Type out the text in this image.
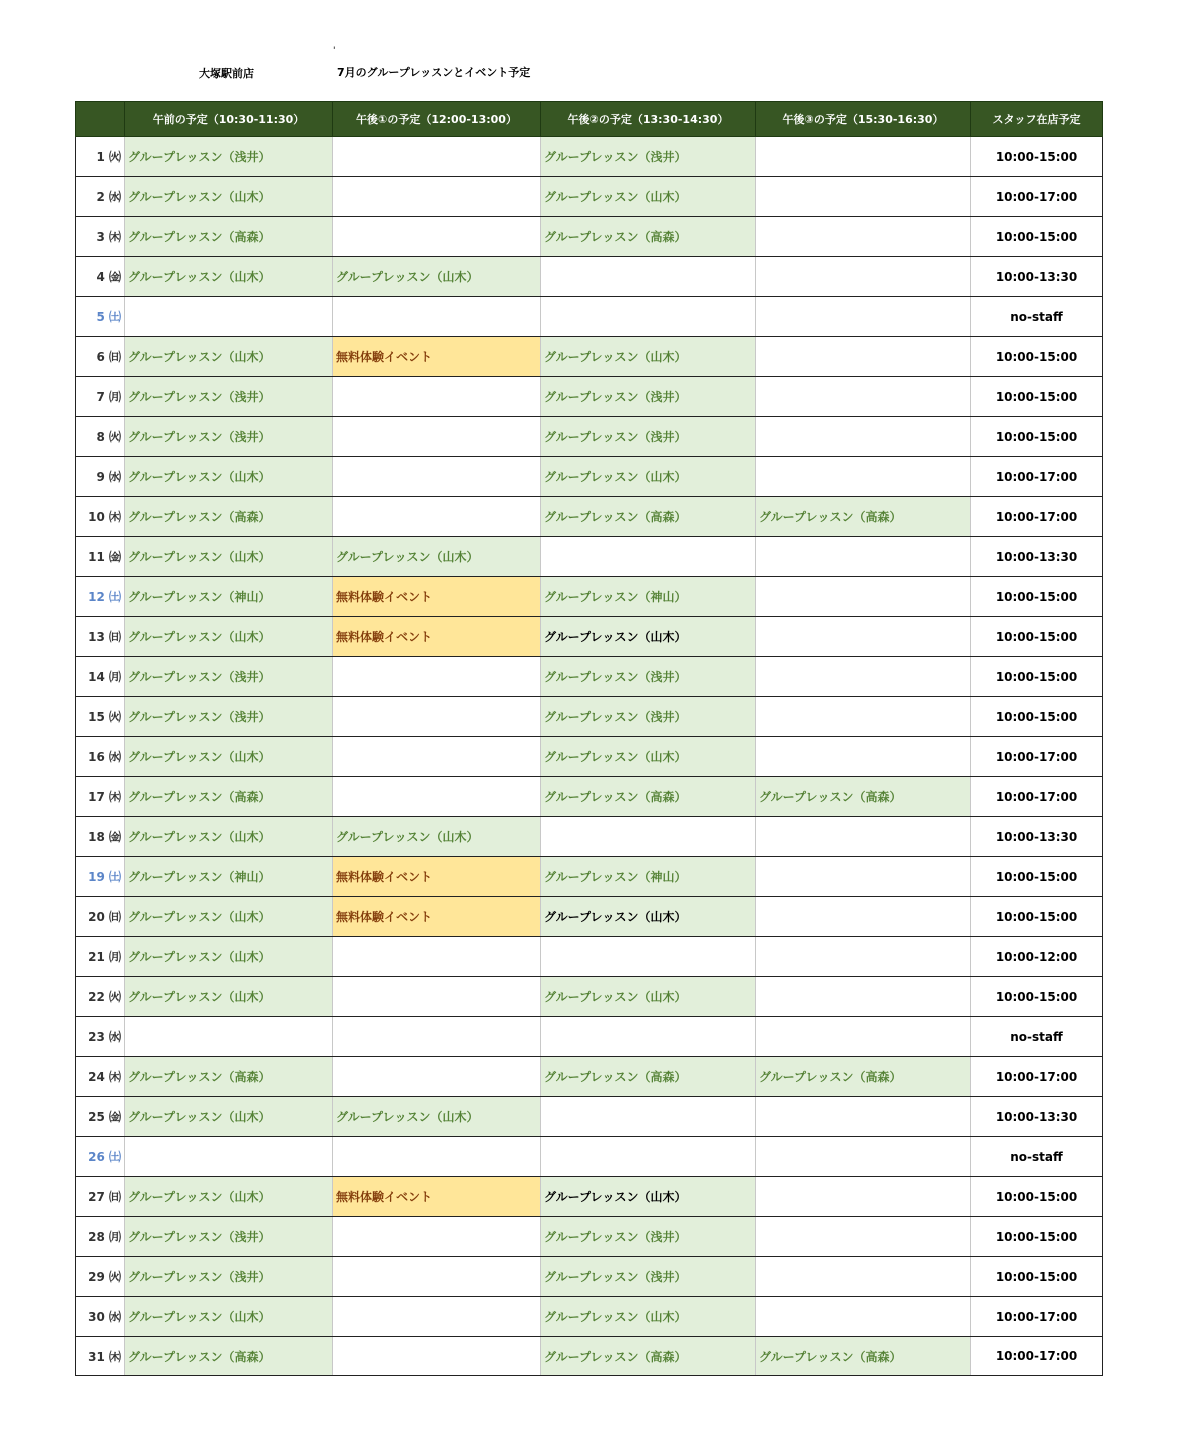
'
大塚駅前店	7月のグループレッスンとイベント予定
	午前の予定（10:30-11:30）	午後①の予定（12:00-13:00）	午後②の予定（13:30-14:30）	午後③の予定（15:30-16:30）	スタッフ在店予定
1 ㈫	グループレッスン（浅井）		グループレッスン（浅井）		10:00-15:00
2 ㈬	グループレッスン（山木）		グループレッスン（山木）		10:00-17:00
3 ㈭	グループレッスン（高森）		グループレッスン（高森）		10:00-15:00
4 ㈮	グループレッスン（山木）	グループレッスン（山木）			10:00-13:30
5 ㈯					no-staff
6 ㈰	グループレッスン（山木）	無料体験イベント	グループレッスン（山木）		10:00-15:00
7 ㈪	グループレッスン（浅井）		グループレッスン（浅井）		10:00-15:00
8 ㈫	グループレッスン（浅井）		グループレッスン（浅井）		10:00-15:00
9 ㈬	グループレッスン（山木）		グループレッスン（山木）		10:00-17:00
10 ㈭	グループレッスン（高森）		グループレッスン（高森）	グループレッスン（高森）	10:00-17:00
11 ㈮	グループレッスン（山木）	グループレッスン（山木）			10:00-13:30
12 ㈯	グループレッスン（神山）	無料体験イベント	グループレッスン（神山）		10:00-15:00
13 ㈰	グループレッスン（山木）	無料体験イベント	グループレッスン（山木）		10:00-15:00
14 ㈪	グループレッスン（浅井）		グループレッスン（浅井）		10:00-15:00
15 ㈫	グループレッスン（浅井）		グループレッスン（浅井）		10:00-15:00
16 ㈬	グループレッスン（山木）		グループレッスン（山木）		10:00-17:00
17 ㈭	グループレッスン（高森）		グループレッスン（高森）	グループレッスン（高森）	10:00-17:00
18 ㈮	グループレッスン（山木）	グループレッスン（山木）			10:00-13:30
19 ㈯	グループレッスン（神山）	無料体験イベント	グループレッスン（神山）		10:00-15:00
20 ㈰	グループレッスン（山木）	無料体験イベント	グループレッスン（山木）		10:00-15:00
21 ㈪	グループレッスン（山木）				10:00-12:00
22 ㈫	グループレッスン（山木）		グループレッスン（山木）		10:00-15:00
23 ㈬					no-staff
24 ㈭	グループレッスン（高森）		グループレッスン（高森）	グループレッスン（高森）	10:00-17:00
25 ㈮	グループレッスン（山木）	グループレッスン（山木）			10:00-13:30
26 ㈯					no-staff
27 ㈰	グループレッスン（山木）	無料体験イベント	グループレッスン（山木）		10:00-15:00
28 ㈪	グループレッスン（浅井）		グループレッスン（浅井）		10:00-15:00
29 ㈫	グループレッスン（浅井）		グループレッスン（浅井）		10:00-15:00
30 ㈬	グループレッスン（山木）		グループレッスン（山木）		10:00-17:00
31 ㈭	グループレッスン（高森）		グループレッスン（高森）	グループレッスン（高森）	10:00-17:00
